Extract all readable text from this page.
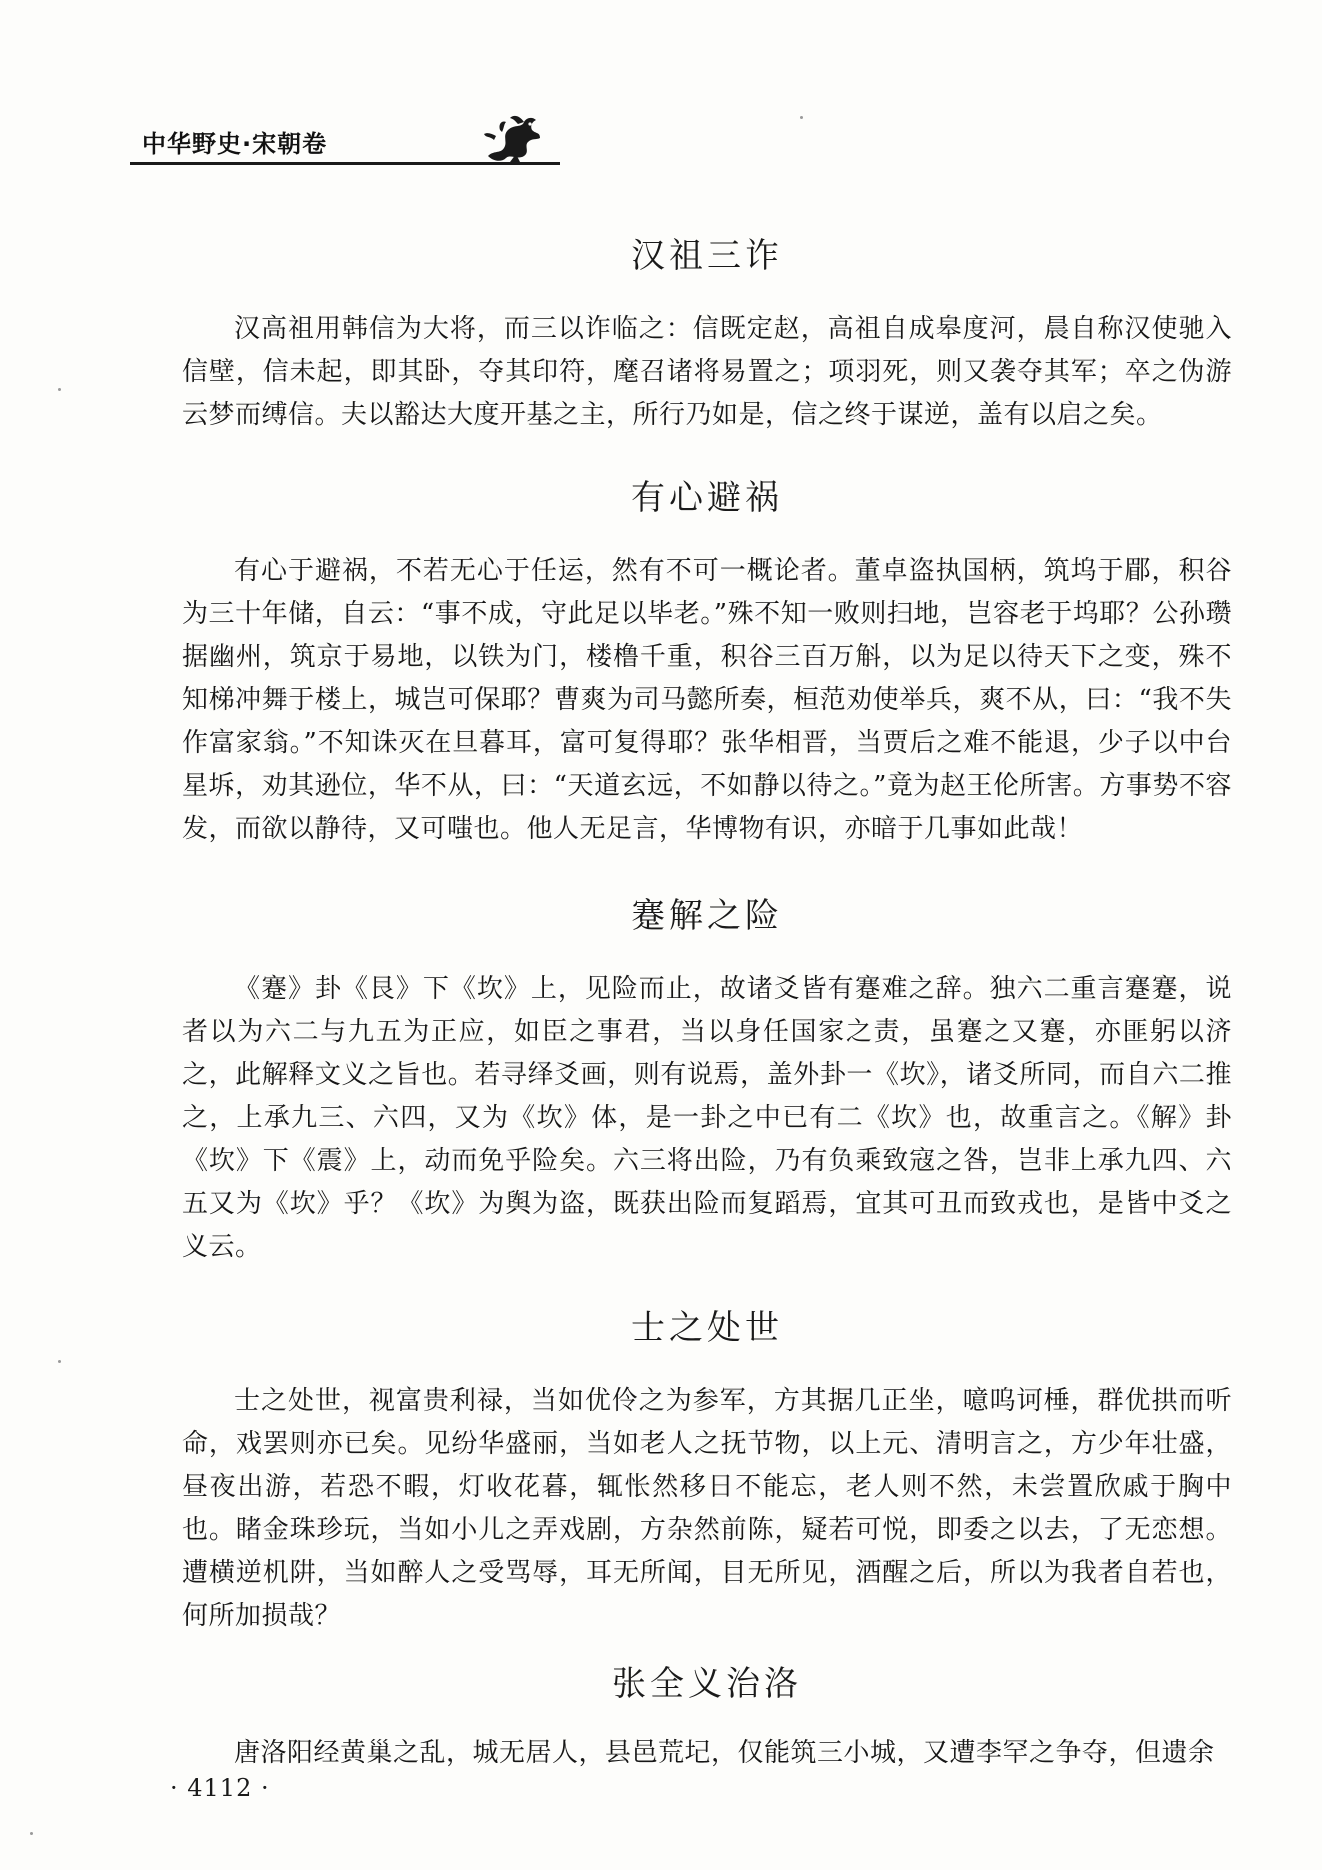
中华野史·宋朝卷
汉祖三诈
汉高祖用韩信为大将，而三以诈临之：信既定赵，高祖自成皋度河，晨自称汉使驰入信壁，信未起，即其卧，夺其印符，麾召诸将易置之；项羽死，则又袭夺其军；卒之伪游云梦而缚信。夫以豁达大度开基之主，所行乃如是，信之终于谋逆，盖有以启之矣。
有心避祸
有心于避祸，不若无心于任运，然有不可一概论者。董卓盗执国柄，筑坞于郿，积谷为三十年储，自云：“事不成，守此足以毕老。”殊不知一败则扫地，岂容老于坞耶？公孙瓒据幽州，筑京于易地，以铁为门，楼橹千重，积谷三百万斛，以为足以待天下之变，殊不知梯冲舞于楼上，城岂可保耶？曹爽为司马懿所奏，桓范劝使举兵，爽不从，曰：“我不失作富家翁。”不知诛灭在旦暮耳，富可复得耶？张华相晋，当贾后之难不能退，少子以中台星坼，劝其逊位，华不从，曰：“天道玄远，不如静以待之。”竟为赵王伦所害。方事势不容发，而欲以静待，又可嗤也。他人无足言，华博物有识，亦暗于几事如此哉！
蹇解之险
《蹇》卦《艮》下《坎》上，见险而止，故诸爻皆有蹇难之辞。独六二重言蹇蹇，说者以为六二与九五为正应，如臣之事君，当以身任国家之责，虽蹇之又蹇，亦匪躬以济之，此解释文义之旨也。若寻绎爻画，则有说焉，盖外卦一《坎》，诸爻所同，而自六二推之，上承九三、六四，又为《坎》体，是一卦之中已有二《坎》也，故重言之。《解》卦《坎》下《震》上，动而免乎险矣。六三将出险，乃有负乘致寇之咎，岂非上承九四、六五又为《坎》乎？《坎》为舆为盗，既获出险而复蹈焉，宜其可丑而致戎也，是皆中爻之义云。
士之处世
士之处世，视富贵利禄，当如优伶之为参军，方其据几正坐，噫呜诃棰，群优拱而听命，戏罢则亦已矣。见纷华盛丽，当如老人之抚节物，以上元、清明言之，方少年壮盛，昼夜出游，若恐不暇，灯收花暮，辄怅然移日不能忘，老人则不然，未尝置欣戚于胸中也。睹金珠珍玩，当如小儿之弄戏剧，方杂然前陈，疑若可悦，即委之以去，了无恋想。遭横逆机阱，当如醉人之受骂辱，耳无所闻，目无所见，酒醒之后，所以为我者自若也，何所加损哉？
张全义治洛
唐洛阳经黄巢之乱，城无居人，县邑荒圮，仅能筑三小城，又遭李罕之争夺，但遗余
· 4112 ·
